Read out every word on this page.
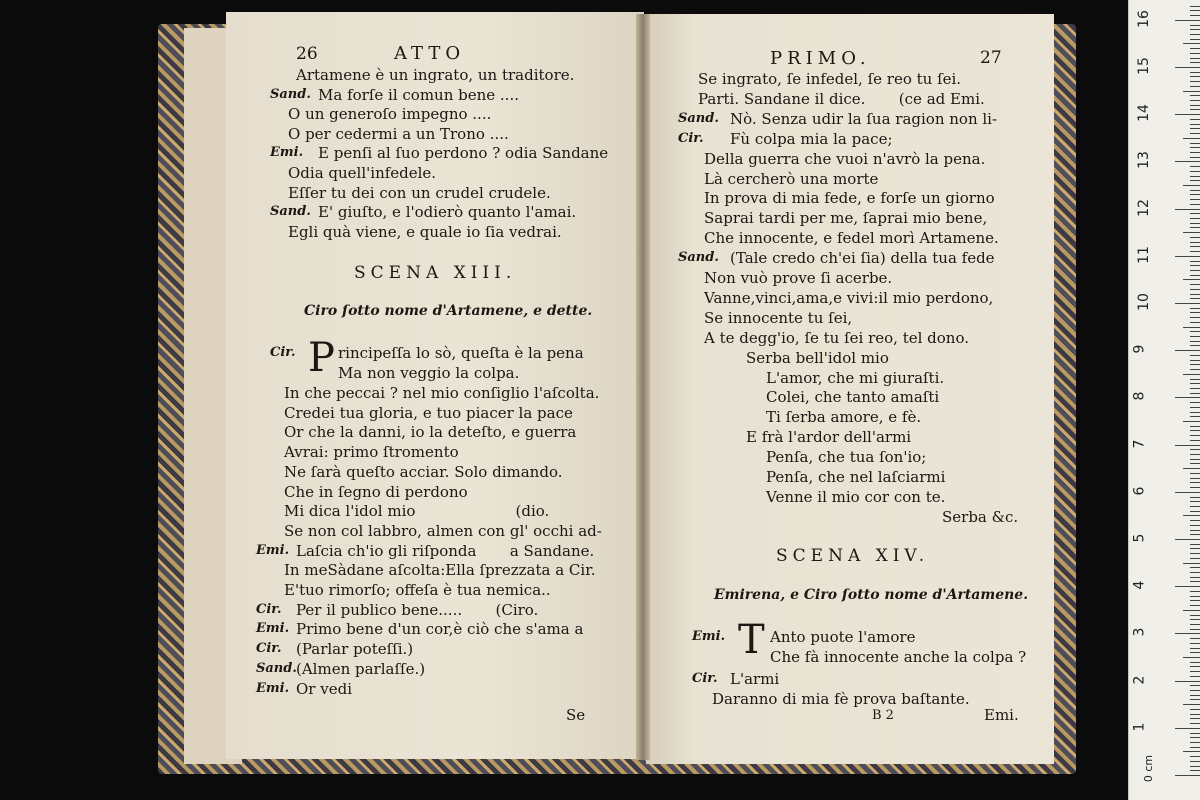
26	ATTO
Artamene è un ingrato, un traditore.
Sand. Ma forſe il comun bene ....
O un generoſo impegno ....
O per cedermi a un Trono ....
Emi. E penſi al ſuo perdono ? odia Sandane
Odia quell'infedele.
Eſſer tu dei con un crudel crudele.
Sand. E' giuſto, e l'odierò quanto l'amai.
Egli quà viene, e quale io ſia vedrai.
SCENA XIII.
Ciro ſotto nome d'Artamene, e dette.
Cir. P rincipeſſa lo sò, queſta è la pena
Ma non veggio la colpa.
In che peccai ? nel mio conſiglio l'aſcolta.
Credei tua gloria, e tuo piacer la pace
Or che la danni, io la deteſto, e guerra
Avrai: primo ſtromento
Ne ſarà queſto acciar. Solo dimando.
Che in ſegno di perdono
Mi dica l'idol mio                     (dio.
Se non col labbro, almen con gl' occhi ad-
Emi. Laſcia ch'io gli riſponda       a Sandane.
In meSàdane aſcolta:Ella ſprezzata a Cir.
E'tuo rimorſo; offeſa è tua nemica..
Cir. Per il publico bene.....       (Ciro.
Emi. Primo bene d'un cor,è ciò che s'ama a
Cir. (Parlar poteſſi.)
Sand. (Almen parlaſſe.)
Emi. Or vedi
Se
PRIMO.	27
Se ingrato, ſe infedel, ſe reo tu ſei.
Parti. Sandane il dice.       (ce ad Emi.
Sand. Nò. Senza udir la ſua ragion non li-
Cir. Fù colpa mia la pace;
Della guerra che vuoi n'avrò la pena.
Là cercherò una morte
In prova di mia fede, e forſe un giorno
Saprai tardi per me, ſaprai mio bene,
Che innocente, e fedel morì Artamene.
Sand. (Tale credo ch'ei ſia) della tua fede
Non vuò prove ſi acerbe.
Vanne,vinci,ama,e vivi:il mio perdono,
Se innocente tu ſei,
A te degg'io, ſe tu ſei reo, tel dono.
Serba bell'idol mio
L'amor, che mi giuraſti.
Colei, che tanto amaſti
Ti ſerba amore, e fè.
E frà l'ardor dell'armi
Penſa, che tua ſon'io;
Penſa, che nel laſciarmi
Venne il mio cor con te.
Serba &c.
SCENA XIV.
Emirena, e Ciro ſotto nome d'Artamene.
Emi. T Anto puote l'amore
Che fà innocente anche la colpa ?
Cir. L'armi
Daranno di mia fè prova baſtante.
B 2	Emi.
0 cm
1
2
3
4
5
6
7
8
9
10
11
12
13
14
15
16
